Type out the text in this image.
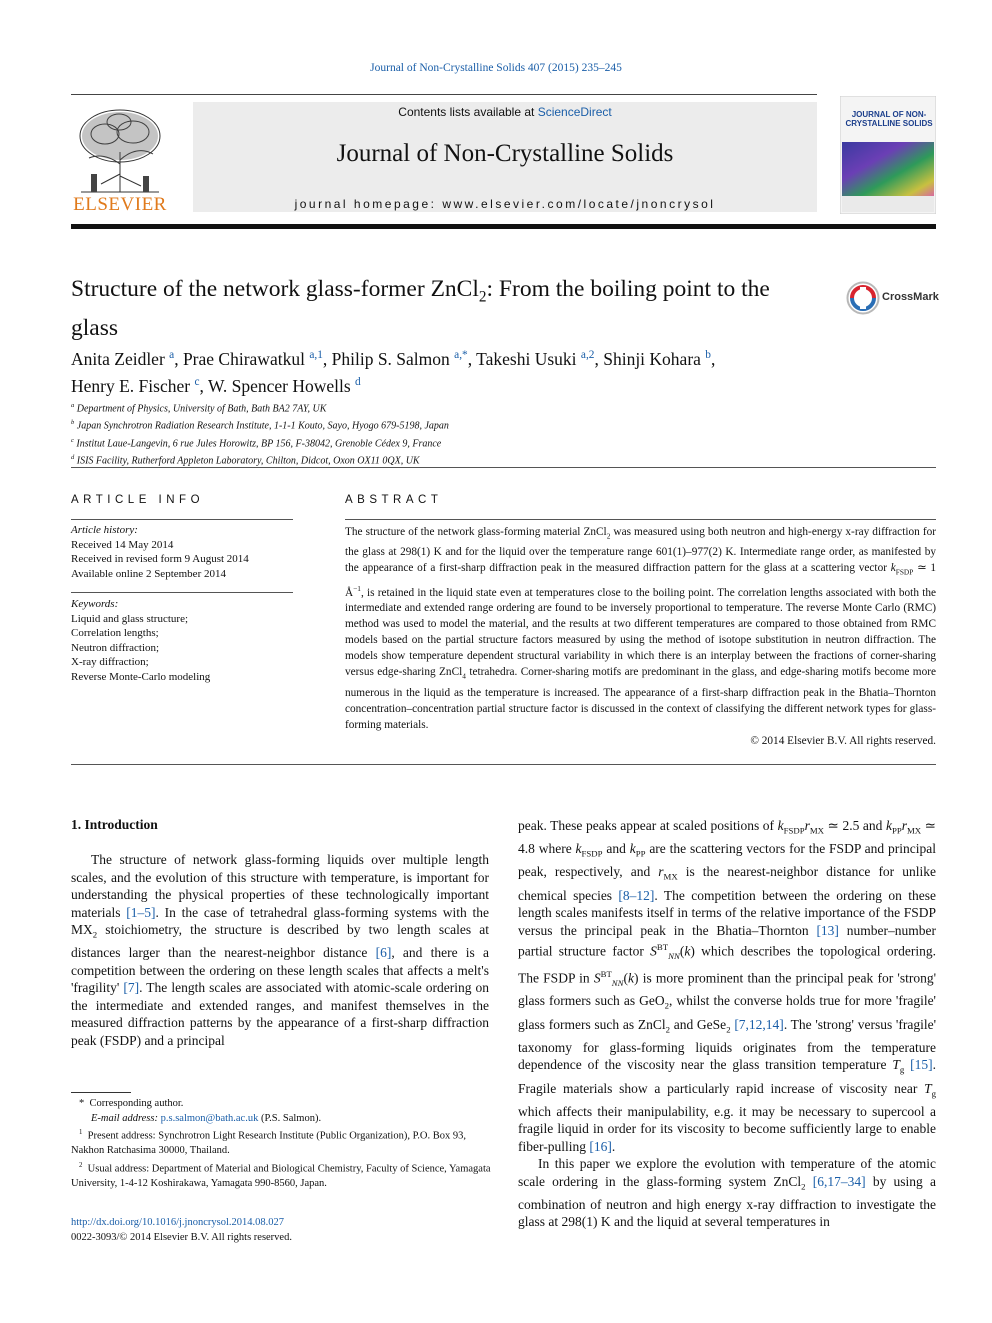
Journal of Non-Crystalline Solids 407 (2015) 235–245
ELSEVIER
Contents lists available at ScienceDirect
Journal of Non-Crystalline Solids
journal homepage: www.elsevier.com/locate/jnoncrysol
JOURNAL OF NON-CRYSTALLINE SOLIDS
Structure of the network glass-former ZnCl$_2$: From the boiling point to the glass
CrossMark
Anita Zeidler $^a$, Prae Chirawatkul $^{a,1}$, Philip S. Salmon $^{a,*}$, Takeshi Usuki $^{a,2}$, Shinji Kohara $^b$,
Henry E. Fischer $^c$, W. Spencer Howells $^d$
$^a$ Department of Physics, University of Bath, Bath BA2 7AY, UK
$^b$ Japan Synchrotron Radiation Research Institute, 1-1-1 Kouto, Sayo, Hyogo 679-5198, Japan
$^c$ Institut Laue-Langevin, 6 rue Jules Horowitz, BP 156, F-38042, Grenoble Cédex 9, France
$^d$ ISIS Facility, Rutherford Appleton Laboratory, Chilton, Didcot, Oxon OX11 0QX, UK
ARTICLE INFO
Article history:
Received 14 May 2014
Received in revised form 9 August 2014
Available online 2 September 2014
Keywords:
Liquid and glass structure;
Correlation lengths;
Neutron diffraction;
X-ray diffraction;
Reverse Monte-Carlo modeling
ABSTRACT
The structure of the network glass-forming material ZnCl$_2$ was measured using both neutron and high-energy x-ray diffraction for the glass at 298(1) K and for the liquid over the temperature range 601(1)–977(2) K. Intermediate range order, as manifested by the appearance of a first-sharp diffraction peak in the measured diffraction pattern for the glass at a scattering vector $k_{FSDP}$ ≃ 1 $Å^{-1}$, is retained in the liquid state even at temperatures close to the boiling point. The correlation lengths associated with both the intermediate and extended range ordering are found to be inversely proportional to temperature. The reverse Monte Carlo (RMC) method was used to model the material, and the results at two different temperatures are compared to those obtained from RMC models based on the partial structure factors measured by using the method of isotope substitution in neutron diffraction. The models show temperature dependent structural variability in which there is an interplay between the fractions of corner-sharing versus edge-sharing ZnCl$_4$ tetrahedra. Corner-sharing motifs are predominant in the glass, and edge-sharing motifs become more numerous in the liquid as the temperature is increased. The appearance of a first-sharp diffraction peak in the Bhatia–Thornton concentration–concentration partial structure factor is discussed in the context of classifying the different network types for glass-forming materials.
© 2014 Elsevier B.V. All rights reserved.
1. Introduction

The structure of network glass-forming liquids over multiple length scales, and the evolution of this structure with temperature, is important for understanding the physical properties of these technologically important materials [1–5]. In the case of tetrahedral glass-forming systems with the $MX_2$ stoichiometry, the structure is described by two length scales at distances larger than the nearest-neighbor distance [6], and there is a competition between the ordering on these length scales that affects a melt's 'fragility' [7]. The length scales are associated with atomic-scale ordering on the intermediate and extended ranges, and manifest themselves in the measured diffraction patterns by the appearance of a first-sharp diffraction peak (FSDP) and a principal

peak. These peaks appear at scaled positions of $k_{FSDP}r_{MX}$ ≃ 2.5 and $k_{PP}r_{MX}$ ≃ 4.8 where $k_{FSDP}$ and $k_{PP}$ are the scattering vectors for the FSDP and principal peak, respectively, and $r_{MX}$ is the nearest-neighbor distance for unlike chemical species [8–12]. The competition between the ordering on these length scales manifests itself in terms of the relative importance of the FSDP versus the principal peak in the Bhatia–Thornton [13] number–number partial structure factor $S^{BT}_{NN}(k)$ which describes the topological ordering. The FSDP in $S^{BT}_{NN}(k)$ is more prominent than the principal peak for 'strong' glass formers such as GeO$_2$, whilst the converse holds true for more 'fragile' glass formers such as ZnCl$_2$ and GeSe$_2$ [7,12,14]. The 'strong' versus 'fragile' taxonomy for glass-forming liquids originates from the temperature dependence of the viscosity near the glass transition temperature $T_g$ [15]. Fragile materials show a particularly rapid increase of viscosity near $T_g$ which affects their manipulability, e.g. it may be necessary to supercool a fragile liquid in order for its viscosity to become sufficiently large to enable fiber-pulling [16].

In this paper we explore the evolution with temperature of the atomic scale ordering in the glass-forming system ZnCl$_2$ [6,17–34] by using a combination of neutron and high energy x-ray diffraction to investigate the glass at 298(1) K and the liquid at several temperatures in

*  Corresponding author.
E-mail address: p.s.salmon@bath.ac.uk (P.S. Salmon).
$^1$ Present address: Synchrotron Light Research Institute (Public Organization), P.O. Box 93, Nakhon Ratchasima 30000, Thailand.
$^2$ Usual address: Department of Material and Biological Chemistry, Faculty of Science, Yamagata University, 1-4-12 Koshirakawa, Yamagata 990-8560, Japan.
http://dx.doi.org/10.1016/j.jnoncrysol.2014.08.027
0022-3093/© 2014 Elsevier B.V. All rights reserved.
